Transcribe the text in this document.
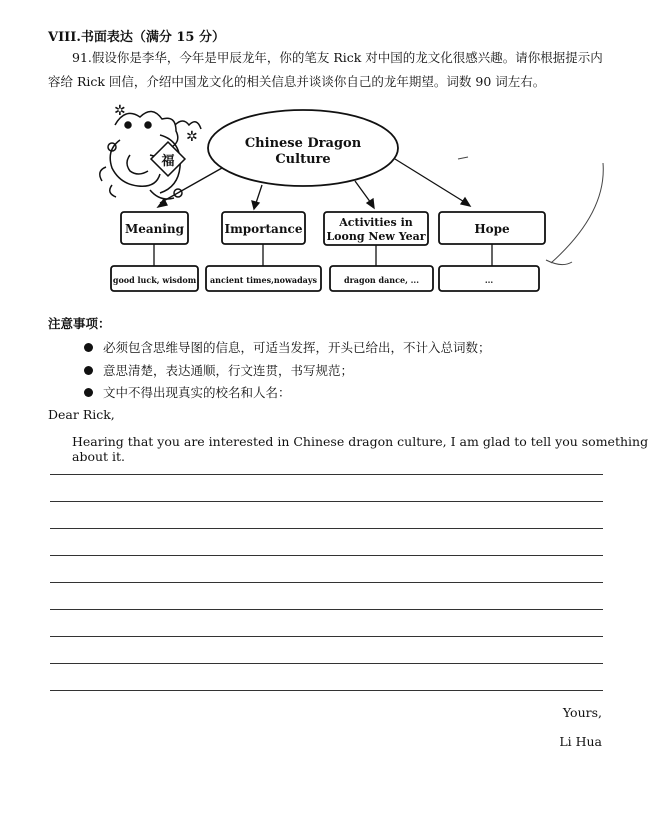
VIII.书面表达（满分 15 分）
91.假设你是李华，今年是甲辰龙年，你的笔友 Rick 对中国的龙文化很感兴趣。请你根据提示内容给 Rick 回信，介绍中国龙文化的相关信息并谈谈你自己的龙年期望。词数 90 词左右。
福
✲
✲	Chinese Dragon
Culture
Meaning	Importance	Activities in
Loong New Year
Hope
good luck, wisdom ancient times,nowadays	dragon dance, ...	...
注意事项：
必须包含思维导图的信息，可适当发挥，开头已给出，不计入总词数；
意思清楚，表达通顺，行文连贯，书写规范；
文中不得出现真实的校名和人名：
Dear Rick,
Hearing that you are interested in Chinese dragon culture, I am glad to tell you something about it.
Yours,
Li Hua
